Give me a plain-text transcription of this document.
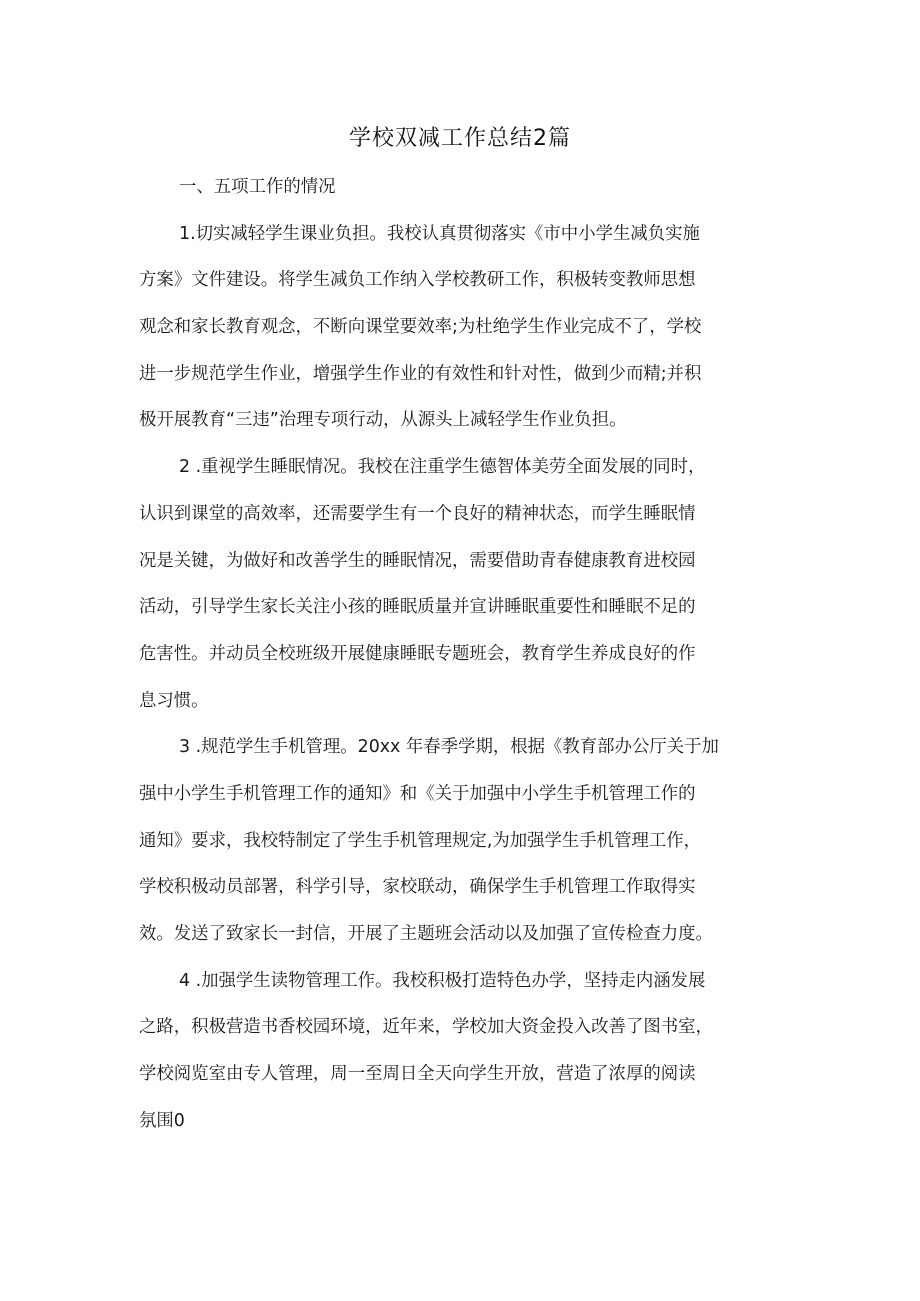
学校双减工作总结2篇
一、五项工作的情况
1.切实减轻学生课业负担。我校认真贯彻落实《市中小学生减负实施
方案》文件建设。将学生减负工作纳入学校教研工作，积极转变教师思想
观念和家长教育观念，不断向课堂要效率;为杜绝学生作业完成不了，学校
进一步规范学生作业，增强学生作业的有效性和针对性，做到少而精;并积
极开展教育“三违”治理专项行动，从源头上减轻学生作业负担。
2 .重视学生睡眠情况。我校在注重学生德智体美劳全面发展的同时，
认识到课堂的高效率，还需要学生有一个良好的精神状态，而学生睡眠情
况是关键，为做好和改善学生的睡眠情况，需要借助青春健康教育进校园
活动，引导学生家长关注小孩的睡眠质量并宣讲睡眠重要性和睡眠不足的
危害性。并动员全校班级开展健康睡眠专题班会，教育学生养成良好的作
息习惯。
3 .规范学生手机管理。20xx 年春季学期，根据《教育部办公厅关于加
强中小学生手机管理工作的通知》和《关于加强中小学生手机管理工作的
通知》要求，我校特制定了学生手机管理规定,为加强学生手机管理工作，
学校积极动员部署，科学引导，家校联动，确保学生手机管理工作取得实
效。发送了致家长一封信，开展了主题班会活动以及加强了宣传检查力度。
4 .加强学生读物管理工作。我校积极打造特色办学，坚持走内涵发展
之路，积极营造书香校园环境，近年来，学校加大资金投入改善了图书室，
学校阅览室由专人管理，周一至周日全天向学生开放，营造了浓厚的阅读
氛围0
